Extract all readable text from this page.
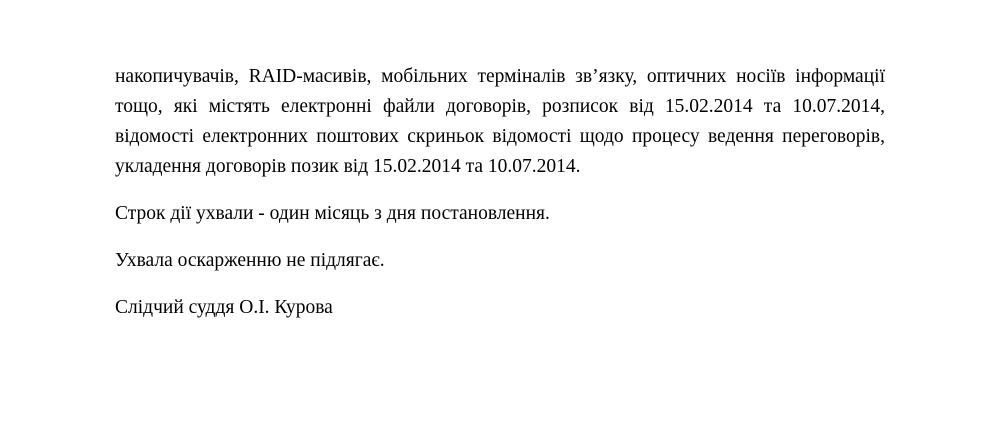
накопичувачів, RAID-масивів, мобільних терміналів зв’язку, оптичних носіїв інформації тощо, які містять електронні файли договорів, розписок від 15.02.2014 та 10.07.2014, відомості електронних поштових скриньок відомості щодо процесу ведення переговорів, укладення договорів позик від 15.02.2014 та 10.07.2014.

Строк дії ухвали - один місяць з дня постановлення.

Ухвала оскарженню не підлягає.

Слідчий суддя О.І. Курова
